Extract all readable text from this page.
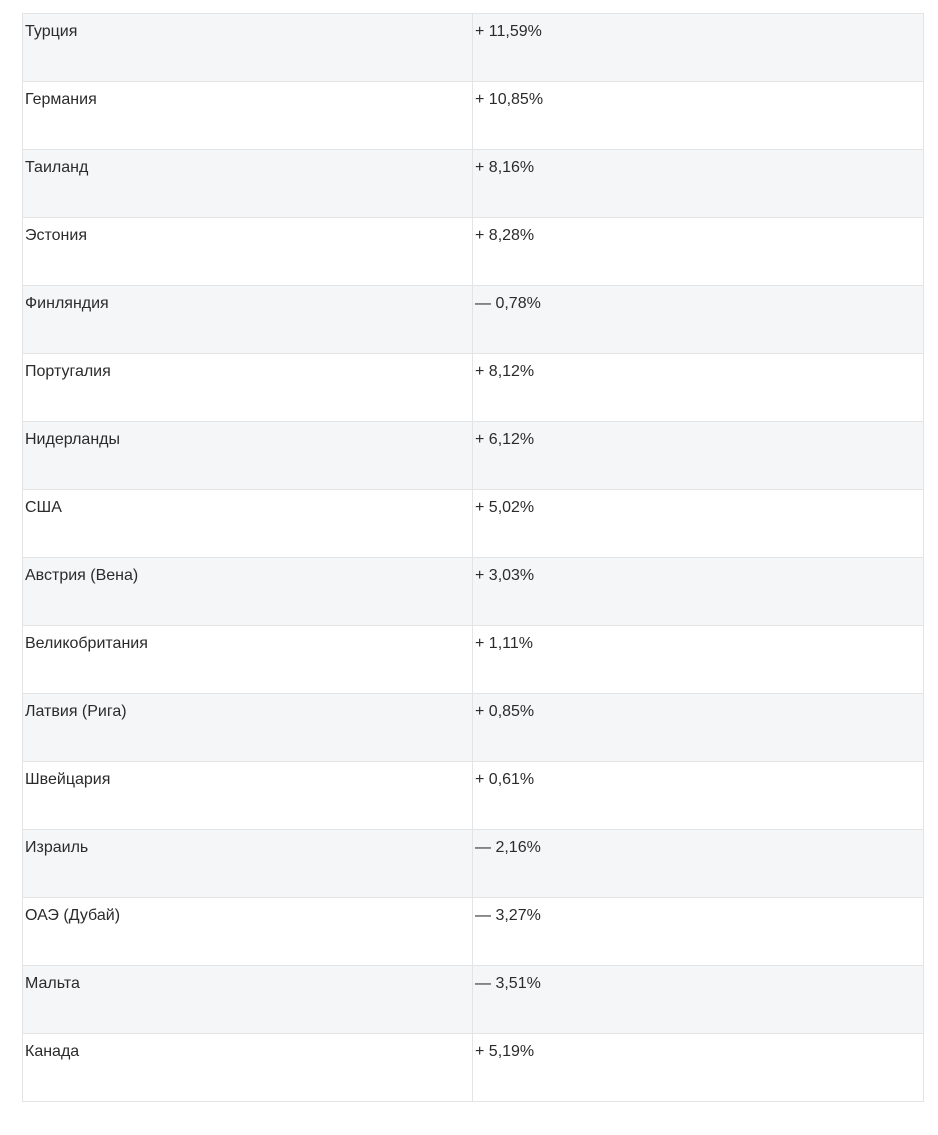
Турция	+ 11,59%

Германия	+ 10,85%

Таиланд	+ 8,16%

Эстония	+ 8,28%

Финляндия	— 0,78%

Португалия	+ 8,12%

Нидерланды	+ 6,12%

США	+ 5,02%

Австрия (Вена)	+ 3,03%

Великобритания	+ 1,11%

Латвия (Рига)	+ 0,85%

Швейцария	+ 0,61%

Израиль	— 2,16%

ОАЭ (Дубай)	— 3,27%

Мальта	— 3,51%

Канада	+ 5,19%
